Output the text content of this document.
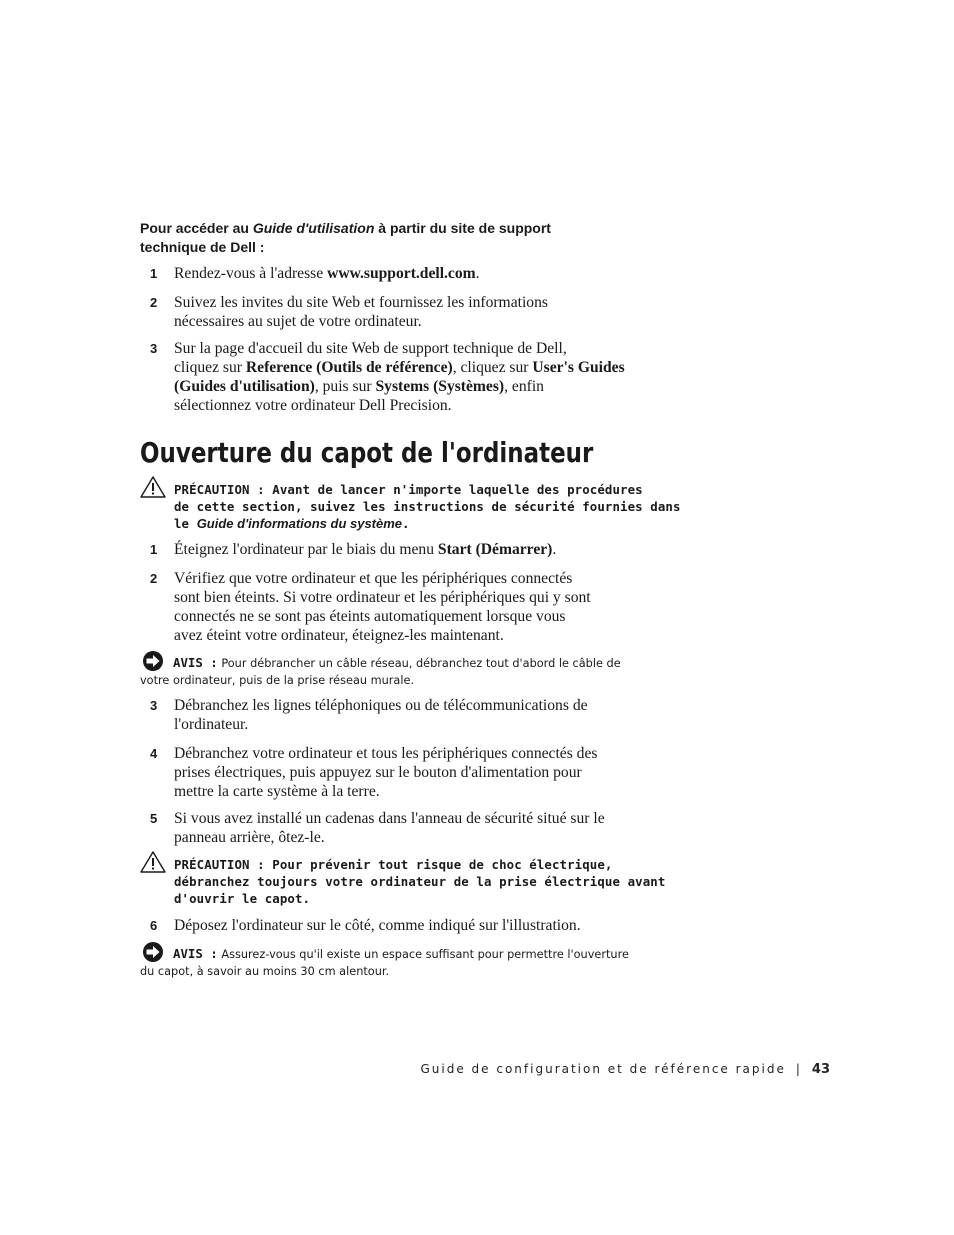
Pour accéder au Guide d'utilisation à partir du site de support
technique de Dell :
1 Rendez-vous à l'adresse www.support.dell.com.
2 Suivez les invites du site Web et fournissez les informations
nécessaires au sujet de votre ordinateur.
3 Sur la page d'accueil du site Web de support technique de Dell,
cliquez sur Reference (Outils de référence), cliquez sur User's Guides
(Guides d'utilisation), puis sur Systems (Systèmes), enfin
sélectionnez votre ordinateur Dell Precision.
Ouverture du capot de l'ordinateur
PRÉCAUTION : Avant de lancer n'importe laquelle des procédures
de cette section, suivez les instructions de sécurité fournies dans
le Guide d'informations du système.
1 Éteignez l'ordinateur par le biais du menu Start (Démarrer).
2 Vérifiez que votre ordinateur et que les périphériques connectés
sont bien éteints. Si votre ordinateur et les périphériques qui y sont
connectés ne se sont pas éteints automatiquement lorsque vous
avez éteint votre ordinateur, éteignez-les maintenant.
AVIS : Pour débrancher un câble réseau, débranchez tout d'abord le câble de
votre ordinateur, puis de la prise réseau murale.
3 Débranchez les lignes téléphoniques ou de télécommunications de
l'ordinateur.
4 Débranchez votre ordinateur et tous les périphériques connectés des
prises électriques, puis appuyez sur le bouton d'alimentation pour
mettre la carte système à la terre.
5 Si vous avez installé un cadenas dans l'anneau de sécurité situé sur le
panneau arrière, ôtez-le.
PRÉCAUTION : Pour prévenir tout risque de choc électrique,
débranchez toujours votre ordinateur de la prise électrique avant
d'ouvrir le capot.
6 Déposez l'ordinateur sur le côté, comme indiqué sur l'illustration.
AVIS : Assurez-vous qu'il existe un espace suffisant pour permettre l'ouverture
du capot, à savoir au moins 30 cm alentour.
Guide de configuration et de référence rapide | 43
